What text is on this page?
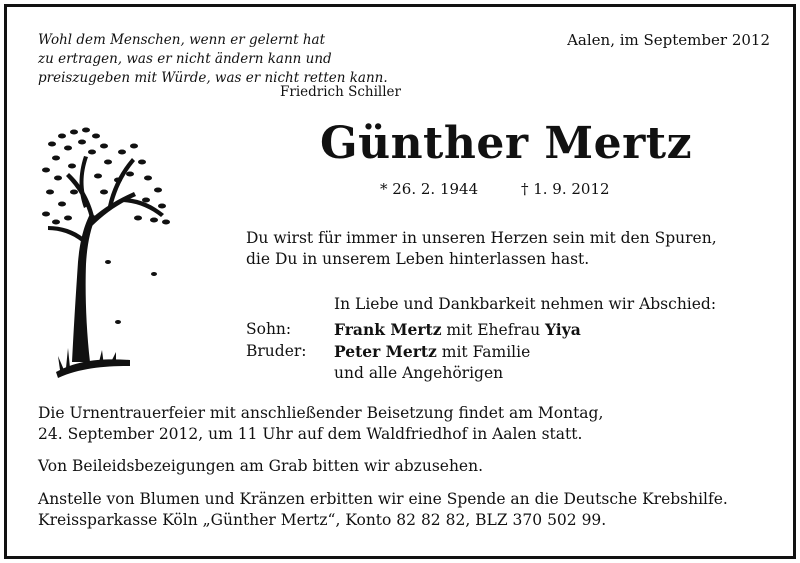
Wohl dem Menschen, wenn er gelernt hat
zu ertragen, was er nicht ändern kann und
preiszugeben mit Würde, was er nicht retten kann.
Friedrich Schiller
Aalen, im September 2012
Günther Mertz
* 26. 2. 1944	† 1. 9. 2012
Du wirst für immer in unseren Herzen sein mit den Spuren,
die Du in unserem Leben hinterlassen hast.
In Liebe und Dankbarkeit nehmen wir Abschied:
Sohn:	Frank Mertz mit Ehefrau Yiya
Bruder:	Peter Mertz mit Familie
und alle Angehörigen
Die Urnentrauerfeier mit anschließender Beisetzung findet am Montag,
24. September 2012, um 11 Uhr auf dem Waldfriedhof in Aalen statt.
Von Beileidsbezeigungen am Grab bitten wir abzusehen.
Anstelle von Blumen und Kränzen erbitten wir eine Spende an die Deutsche Krebshilfe.
Kreissparkasse Köln „Günther Mertz“, Konto 82 82 82, BLZ 370 502 99.
